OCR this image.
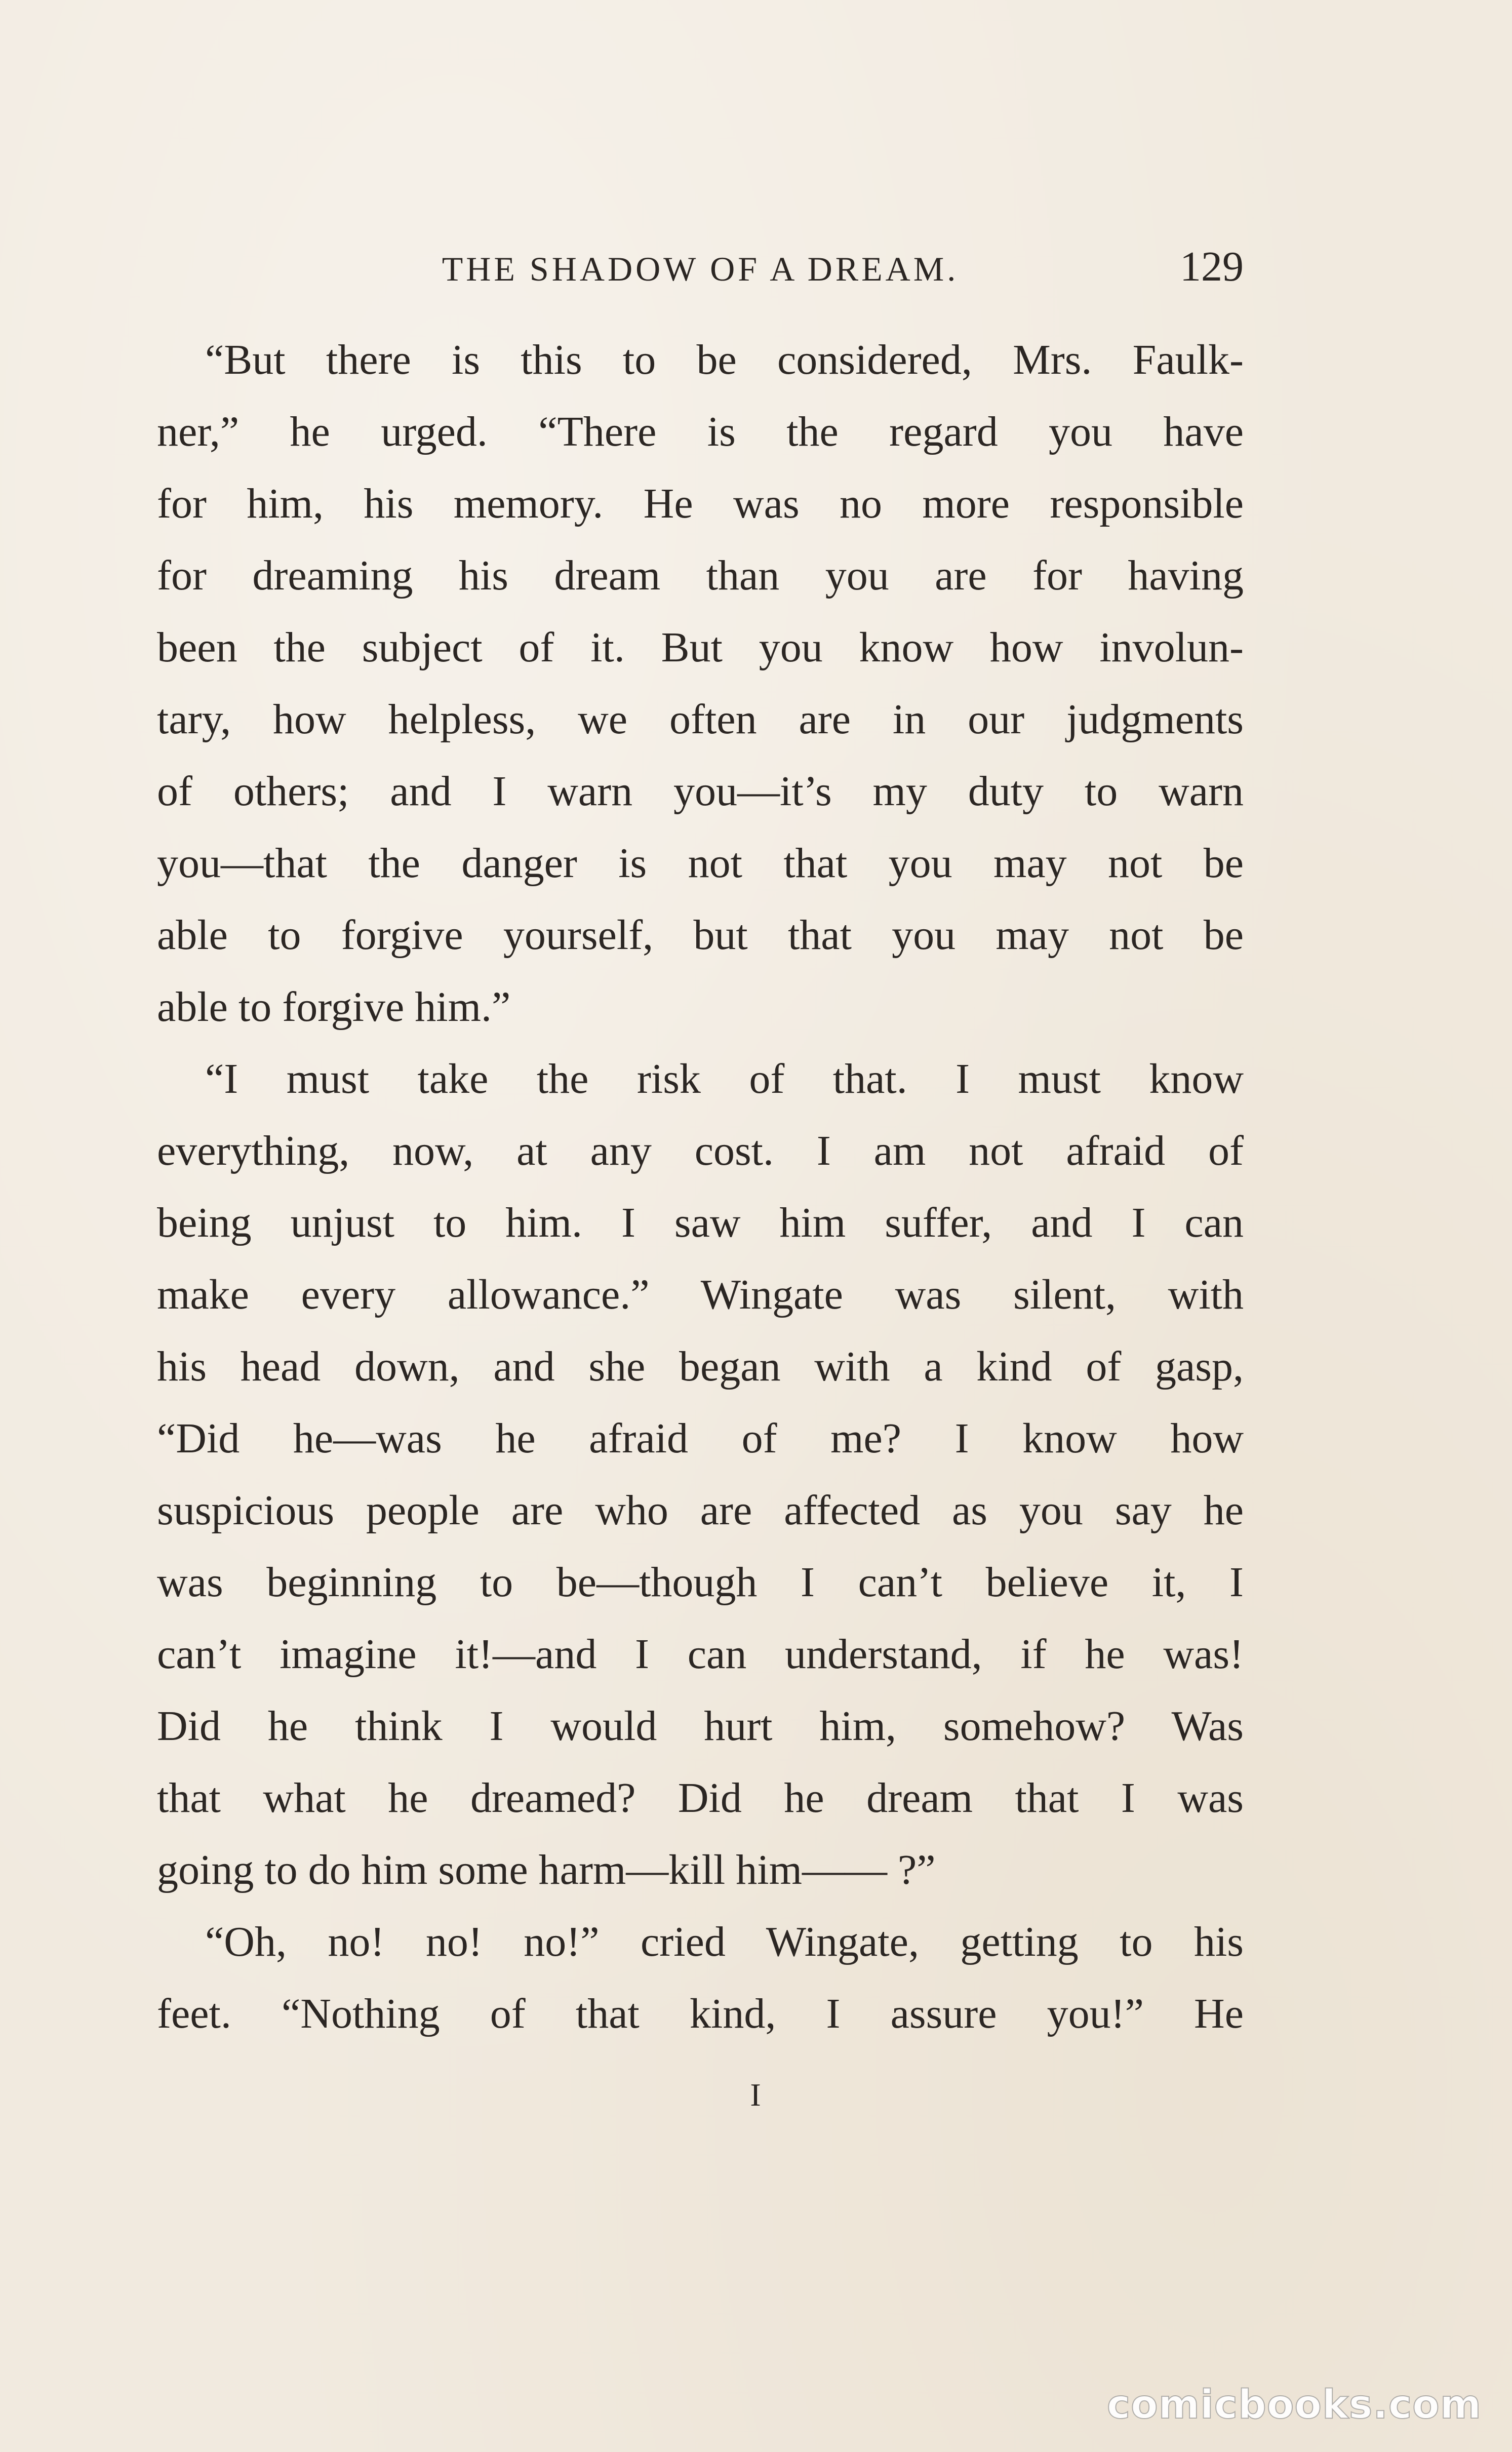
THE SHADOW OF A DREAM.	129
“But there is this to be considered, Mrs. Faulk-
ner,” he urged. “There is the regard you have
for him, his memory. He was no more responsible
for dreaming his dream than you are for having
been the subject of it. But you know how involun-
tary, how helpless, we often are in our judgments
of others; and I warn you—it’s my duty to warn
you—that the danger is not that you may not be
able to forgive yourself, but that you may not be
able to forgive him.”
“I must take the risk of that. I must know
everything, now, at any cost. I am not afraid of
being unjust to him. I saw him suffer, and I can
make every allowance.” Wingate was silent, with
his head down, and she began with a kind of gasp,
“Did he—was he afraid of me? I know how
suspicious people are who are affected as you say he
was beginning to be—though I can’t believe it, I
can’t imagine it!—and I can understand, if he was!
Did he think I would hurt him, somehow? Was
that what he dreamed? Did he dream that I was
going to do him some harm—kill him—— ?”
“Oh, no! no! no!” cried Wingate, getting to his
feet. “Nothing of that kind, I assure you!” He
I
comicbooks.com
